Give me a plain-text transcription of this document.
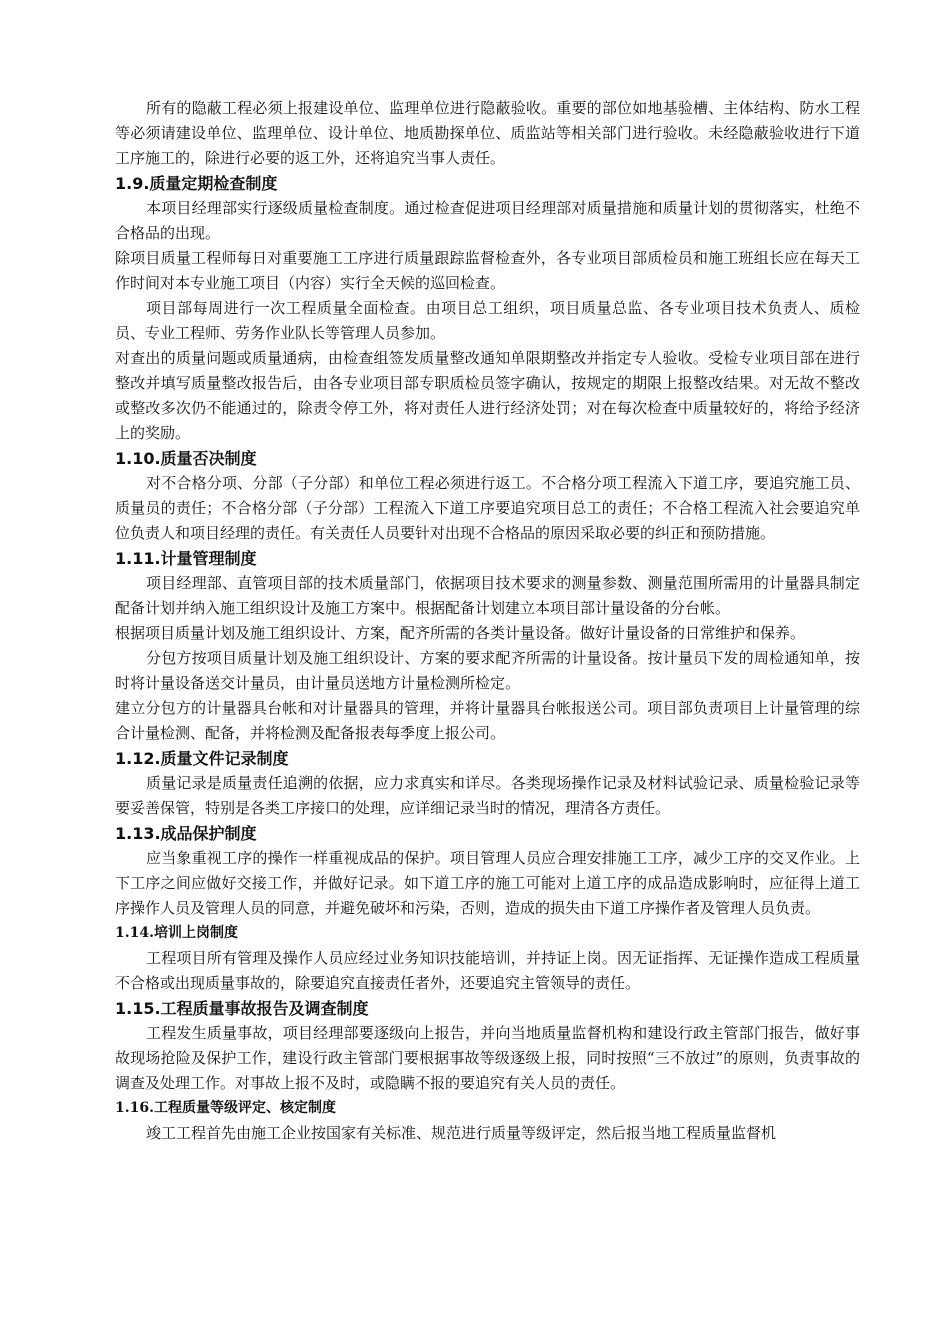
所有的隐蔽工程必须上报建设单位、监理单位进行隐蔽验收。重要的部位如地基验槽、主体结构、防水工程等必须请建设单位、监理单位、设计单位、地质勘探单位、质监站等相关部门进行验收。未经隐蔽验收进行下道工序施工的，除进行必要的返工外，还将追究当事人责任。

1.9.质量定期检查制度

本项目经理部实行逐级质量检查制度。通过检查促进项目经理部对质量措施和质量计划的贯彻落实，杜绝不合格品的出现。

除项目质量工程师每日对重要施工工序进行质量跟踪监督检查外，各专业项目部质检员和施工班组长应在每天工作时间对本专业施工项目（内容）实行全天候的巡回检查。

项目部每周进行一次工程质量全面检查。由项目总工组织，项目质量总监、各专业项目技术负责人、质检员、专业工程师、劳务作业队长等管理人员参加。

对查出的质量问题或质量通病，由检查组签发质量整改通知单限期整改并指定专人验收。受检专业项目部在进行整改并填写质量整改报告后，由各专业项目部专职质检员签字确认，按规定的期限上报整改结果。对无故不整改或整改多次仍不能通过的，除责令停工外，将对责任人进行经济处罚；对在每次检查中质量较好的，将给予经济上的奖励。

1.10.质量否决制度

对不合格分项、分部（子分部）和单位工程必须进行返工。不合格分项工程流入下道工序，要追究施工员、质量员的责任；不合格分部（子分部）工程流入下道工序要追究项目总工的责任；不合格工程流入社会要追究单位负责人和项目经理的责任。有关责任人员要针对出现不合格品的原因采取必要的纠正和预防措施。

1.11.计量管理制度

项目经理部、直管项目部的技术质量部门，依据项目技术要求的测量参数、测量范围所需用的计量器具制定配备计划并纳入施工组织设计及施工方案中。根据配备计划建立本项目部计量设备的分台帐。

根据项目质量计划及施工组织设计、方案，配齐所需的各类计量设备。做好计量设备的日常维护和保养。

分包方按项目质量计划及施工组织设计、方案的要求配齐所需的计量设备。按计量员下发的周检通知单，按时将计量设备送交计量员，由计量员送地方计量检测所检定。

建立分包方的计量器具台帐和对计量器具的管理，并将计量器具台帐报送公司。项目部负责项目上计量管理的综合计量检测、配备，并将检测及配备报表每季度上报公司。

1.12.质量文件记录制度

质量记录是质量责任追溯的依据，应力求真实和详尽。各类现场操作记录及材料试验记录、质量检验记录等要妥善保管，特别是各类工序接口的处理，应详细记录当时的情况，理清各方责任。

1.13.成品保护制度

应当象重视工序的操作一样重视成品的保护。项目管理人员应合理安排施工工序，减少工序的交叉作业。上下工序之间应做好交接工作，并做好记录。如下道工序的施工可能对上道工序的成品造成影响时，应征得上道工序操作人员及管理人员的同意，并避免破坏和污染，否则，造成的损失由下道工序操作者及管理人员负责。

1.14.培训上岗制度

工程项目所有管理及操作人员应经过业务知识技能培训，并持证上岗。因无证指挥、无证操作造成工程质量不合格或出现质量事故的，除要追究直接责任者外，还要追究主管领导的责任。

1.15.工程质量事故报告及调查制度

工程发生质量事故，项目经理部要逐级向上报告，并向当地质量监督机构和建设行政主管部门报告，做好事故现场抢险及保护工作，建设行政主管部门要根据事故等级逐级上报，同时按照“三不放过”的原则，负责事故的调查及处理工作。对事故上报不及时，或隐瞒不报的要追究有关人员的责任。

1.16.工程质量等级评定、核定制度

竣工工程首先由施工企业按国家有关标准、规范进行质量等级评定，然后报当地工程质量监督机
